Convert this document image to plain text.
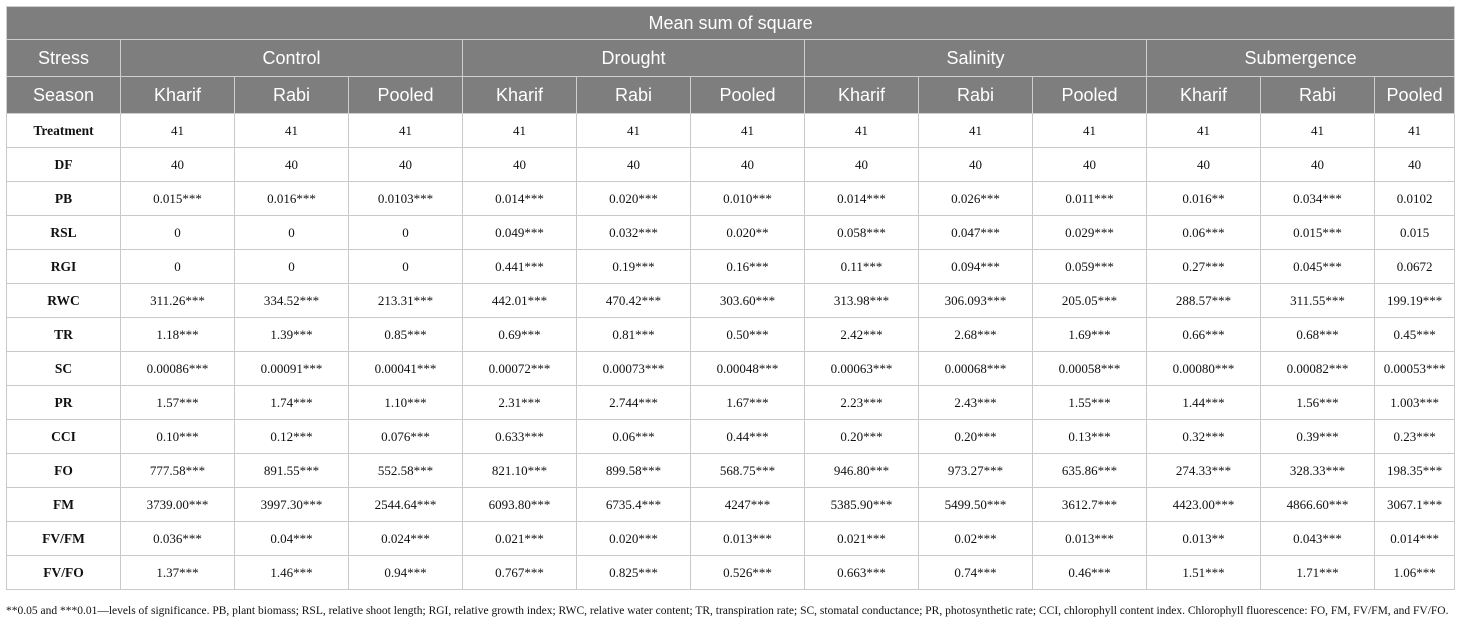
Mean sum of square												
Stress	Control			Drought			Salinity			Submergence		
Season	Kharif	Rabi	Pooled	Kharif	Rabi	Pooled	Kharif	Rabi	Pooled	Kharif	Rabi	Pooled
Treatment	41	41	41	41	41	41	41	41	41	41	41	41
DF	40	40	40	40	40	40	40	40	40	40	40	40
PB	0.015***	0.016***	0.0103***	0.014***	0.020***	0.010***	0.014***	0.026***	0.011***	0.016**	0.034***	0.0102
RSL	0	0	0	0.049***	0.032***	0.020**	0.058***	0.047***	0.029***	0.06***	0.015***	0.015
RGI	0	0	0	0.441***	0.19***	0.16***	0.11***	0.094***	0.059***	0.27***	0.045***	0.0672
RWC	311.26***	334.52***	213.31***	442.01***	470.42***	303.60***	313.98***	306.093***	205.05***	288.57***	311.55***	199.19***
TR	1.18***	1.39***	0.85***	0.69***	0.81***	0.50***	2.42***	2.68***	1.69***	0.66***	0.68***	0.45***
SC	0.00086***	0.00091***	0.00041***	0.00072***	0.00073***	0.00048***	0.00063***	0.00068***	0.00058***	0.00080***	0.00082***	0.00053***
PR	1.57***	1.74***	1.10***	2.31***	2.744***	1.67***	2.23***	2.43***	1.55***	1.44***	1.56***	1.003***
CCI	0.10***	0.12***	0.076***	0.633***	0.06***	0.44***	0.20***	0.20***	0.13***	0.32***	0.39***	0.23***
FO	777.58***	891.55***	552.58***	821.10***	899.58***	568.75***	946.80***	973.27***	635.86***	274.33***	328.33***	198.35***
FM	3739.00***	3997.30***	2544.64***	6093.80***	6735.4***	4247***	5385.90***	5499.50***	3612.7***	4423.00***	4866.60***	3067.1***
FV/FM	0.036***	0.04***	0.024***	0.021***	0.020***	0.013***	0.021***	0.02***	0.013***	0.013**	0.043***	0.014***
FV/FO	1.37***	1.46***	0.94***	0.767***	0.825***	0.526***	0.663***	0.74***	0.46***	1.51***	1.71***	1.06***
**0.05 and ***0.01—levels of significance. PB, plant biomass; RSL, relative shoot length; RGI, relative growth index; RWC, relative water content; TR, transpiration rate; SC, stomatal conductance; PR, photosynthetic rate; CCI, chlorophyll content index. Chlorophyll fluorescence: FO, FM, FV/FM, and FV/FO.
